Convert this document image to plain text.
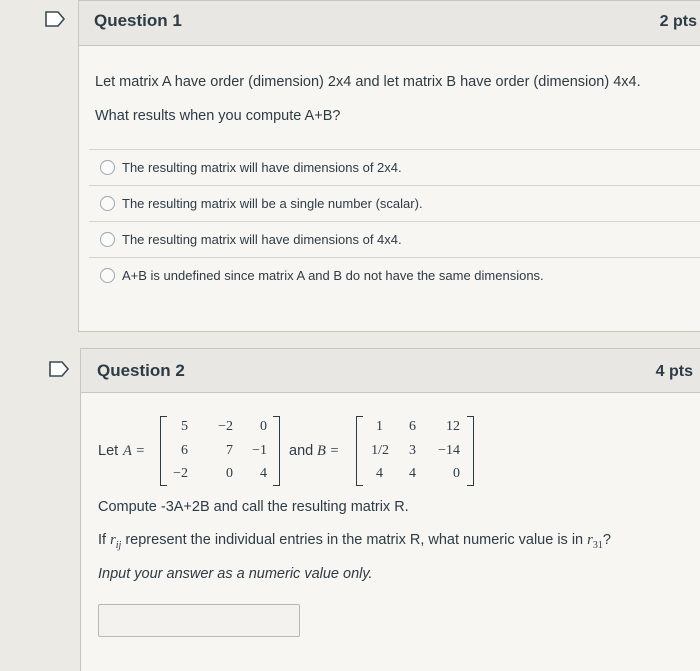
Question 1	2 pts
Let matrix A have order (dimension) 2x4 and let matrix B have order (dimension) 4x4.
What results when you compute A+B?
The resulting matrix will have dimensions of 2x4.
The resulting matrix will be a single number (scalar).
The resulting matrix will have dimensions of 4x4.
A+B is undefined since matrix A and B do not have the same dimensions.
Question 2	4 pts
Let A =
5 −2 0
6	7 −1
−2	0 4
and B =
1 6 12
1/2 3 −14
4 4	0
Compute -3A+2B and call the resulting matrix R.
If $r_{ij}$ represent the individual entries in the matrix R, what numeric value is in $r_{31}$?
Input your answer as a numeric value only.
